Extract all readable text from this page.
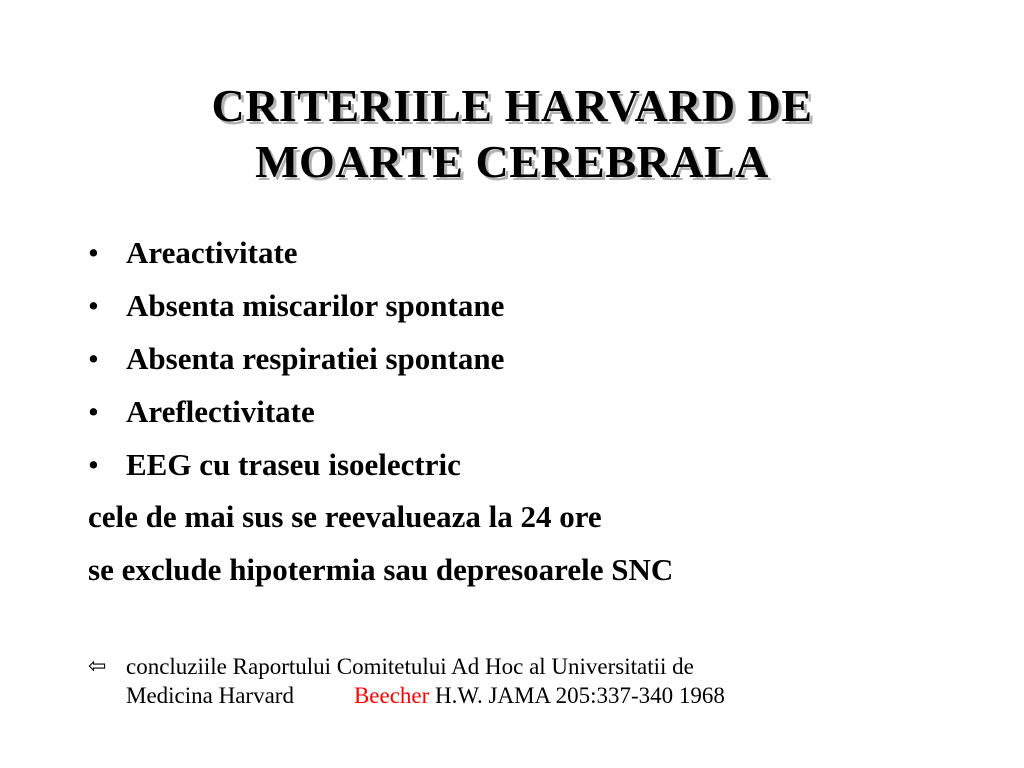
CRITERIILE HARVARD DE
MOARTE CEREBRALA
• Areactivitate
• Absenta miscarilor spontane
• Absenta respiratiei spontane
• Areflectivitate
• EEG cu traseu isoelectric
cele de mai sus se reevalueaza la 24 ore
se exclude hipotermia sau depresoarele SNC
⇦ concluziile Raportului Comitetului Ad Hoc al Universitatii de
Medicina Harvard	Beecher H.W. JAMA 205:337-340 1968
